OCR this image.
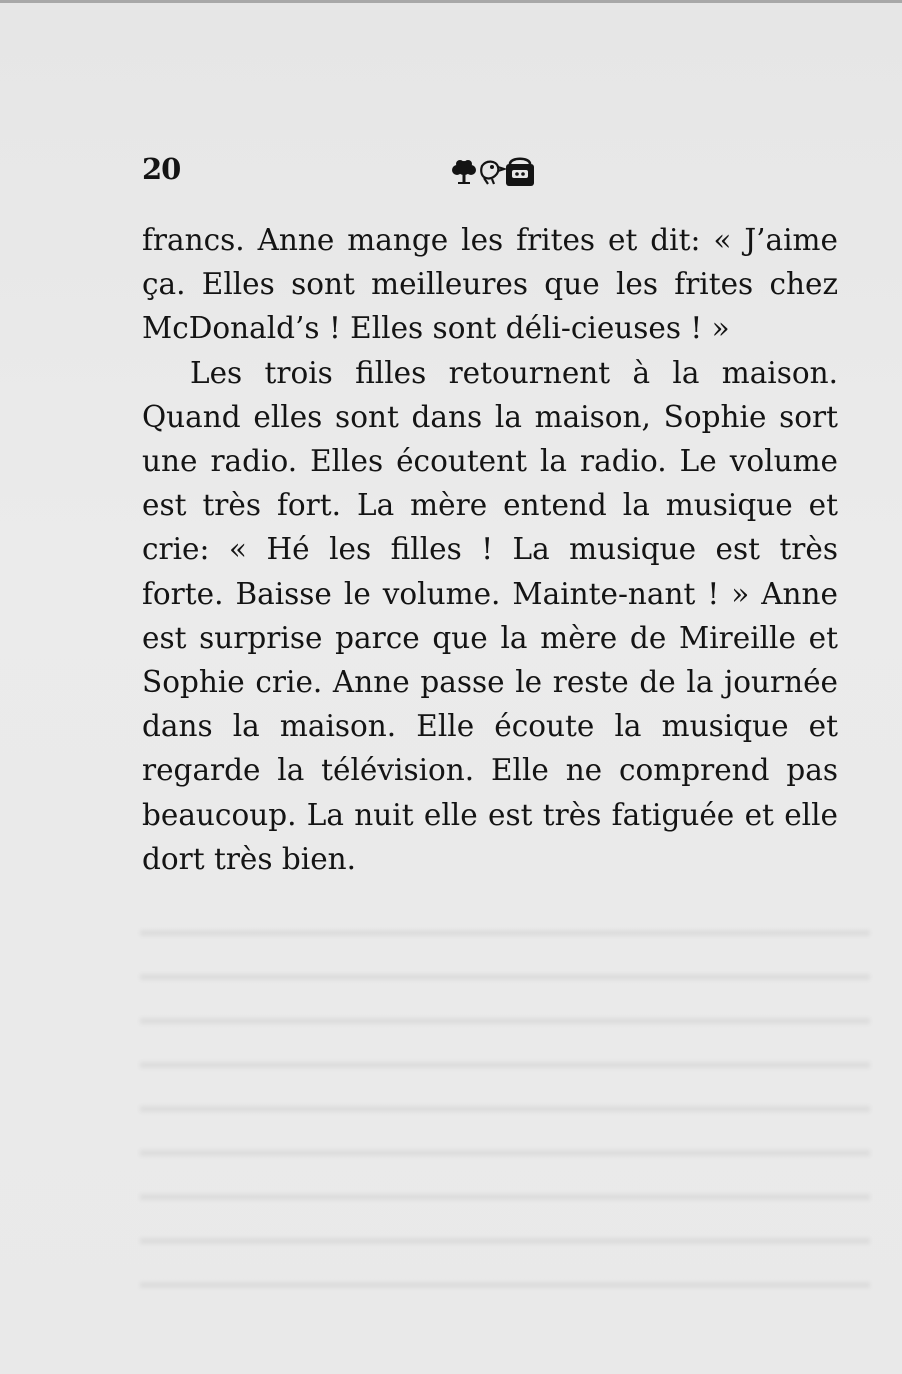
20

francs. Anne mange les frites et dit: « J’aime ça. Elles sont meilleures que les frites chez McDonald’s ! Elles sont déli-cieuses ! »

Les trois filles retournent à la maison. Quand elles sont dans la maison, Sophie sort une radio. Elles écoutent la radio. Le volume est très fort. La mère entend la musique et crie: « Hé les filles ! La musique est très forte. Baisse le volume. Mainte-nant ! » Anne est surprise parce que la mère de Mireille et Sophie crie. Anne passe le reste de la journée dans la maison. Elle écoute la musique et regarde la télévision. Elle ne comprend pas beaucoup. La nuit elle est très fatiguée et elle dort très bien.
